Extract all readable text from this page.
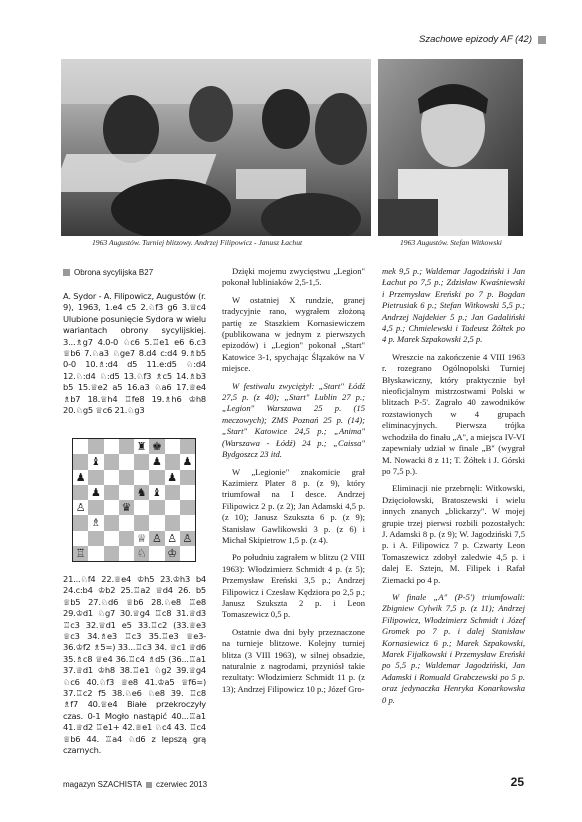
Szachowe epizody AF (42)
1963 Augustów. Turniej blitzowy. Andrzej Filipowicz - Janusz Łachut	1963 Augustów. Stefan Witkowski
Obrona sycylijska B27
A. Sydor - A. Filipowicz, Augustów (r. 9), 1963, 1.e4 c5 2.♘f3 g6 3.♕c4 Ulubione posunięcie Sydora w wielu wariantach obrony sycylijskiej. 3...♗g7 4.0-0 ♘c6 5.♖e1 e6 6.c3 ♕b6 7.♘a3 ♘ge7 8.d4 c:d4 9.♗b5 0-0 10.♗:d4 d5 11.e:d5 ♘:d4 12.♘:d4 ♘:d5 13.♘f3 ♗c5 14.♗b3 b5 15.♕e2 a5 16.a3 ♘a6 17.♕e4 ♗b7 18.♕h4 ♖fe8 19.♗h6 ♔h8 20.♘g5 ♕c6 21.♘g3
♜ ♚
♝	♟ ♟
♟	♟
♟	♞ ♝
♙	♛
♗
♕ ♙ ♙ ♙
♖	♘ ♔
21...♘f4 22.♕e4 ♔h5 23.♔h3 b4 24.c:b4 ♔b2 25.♖a2 ♕d4 26. b5 ♕b5 27.♘d6 ♕b6 28.♘e8 ♖e8 29.♔d1 ♘g7 30.♕g4 ♖c8 31.♕d3 ♖c3 32.♕d1 e5 33.♖c2 (33.♕e3 ♕c3 34.♗e3 ♖c3 35.♖e3 ♕e3- 36.♔f2 ♗5=) 33...♖c3 34. ♕c1 ♕d6 35.♗c8 ♕e4 36.♖c4 ♗d5 (36...♖a1 37.♕d1 ♔h8 38.♖e1 ♘g2 39.♕g4 ♘c6 40.♘f3 ♕e8 41.♔a5 ♕f6=) 37.♖c2 f5 38.♘e6 ♘e8 39. ♖c8 ♗f7 40.♕e4 Białe przekroczyły czas. 0-1 Mogło nastąpić 40...♖a1 41.♕d2 ♖e1+ 42.♕e1 ♘c4 43. ♖c4 ♕b6 44. ♖a4 ♘d6 z lepszą grą czarnych.

Dzięki mojemu zwycięstwu „Legion" pokonał lubliniaków 2,5-1,5.

W ostatniej X rundzie, granej tradycyjnie rano, wygrałem złożoną partię ze Staszkiem Kornasiewiczem (publikowana w jednym z pierwszych epizodów) i „Legion" pokonał „Start" Katowice 3-1, spychając Ślązaków na V miejsce.

W festiwalu zwyciężył: „Start" Łódź 27,5 p. (z 40); „Start" Lublin 27 p.; „Legion" Warszawa 25 p. (15 meczowych); ZMS Poznań 25 p. (14); „Start" Katowice 24,5 p.; „Anima" (Warszawa - Łódź) 24 p.; „Caissa" Bydgoszcz 23 itd.

W „Legionie" znakomicie grał Kazimierz Plater 8 p. (z 9), który triumfował na I desce. Andrzej Filipowicz 2 p. (z 2); Jan Adamski 4,5 p. (z 10); Janusz Szukszta 6 p. (z 9); Stanisław Gawlikowski 3 p. (z 6) i Michał Skipietrow 1,5 p. (z 4).

Po południu zagrałem w blitzu (2 VIII 1963): Włodzimierz Schmidt 4 p. (z 5); Przemysław Ereński 3,5 p.; Andrzej Filipowicz i Czesław Kędziora po 2,5 p.; Janusz Szukszta 2 p. i Leon Tomaszewicz 0,5 p.

Ostatnie dwa dni były przeznaczone na turnieje blitzowe. Kolejny turniej blitza (3 VIII 1963), w silnej obsadzie, naturalnie z nagrodami, przyniósł takie rezultaty: Włodzimierz Schmidt 11 p. (z 13); Andrzej Filipowicz 10 p.; Józef Gro-

mek 9,5 p.; Waldemar Jagodziński i Jan Łachut po 7,5 p.; Zdzisław Kwaśniewski i Przemysław Ereński po 7 p. Bogdan Pietrusiak 6 p.; Stefan Witkowski 5,5 p.; Andrzej Najdekier 5 p.; Jan Gadaliński 4,5 p.; Chmielewski i Tadeusz Żółtek po 4 p. Marek Szpakowski 2,5 p.

Wreszcie na zakończenie 4 VIII 1963 r. rozegrano Ogólnopolski Turniej Błyskawiczny, który praktycznie był nieoficjalnym mistrzostwami Polski w blitzach P-5'. Zagrało 40 zawodników rozstawionych w 4 grupach eliminacyjnych. Pierwsza trójka wchodziła do finału „A", a miejsca IV-VI zapewniały udział w finale „B" (wygrał M. Nowacki 8 z 11; T. Żółtek i J. Górski po 7,5 p.).

Eliminacji nie przebrnęli: Witkowski, Dzięciołowski, Bratoszewski i wielu innych znanych „blickarzy". W mojej grupie trzej pierwsi rozbili pozostałych: J. Adamski 8 p. (z 9); W. Jagodziński 7,5 p. i A. Filipowicz 7 p. Czwarty Leon Tomaszewicz zdobył zaledwie 4,5 p. i dalej E. Sztejn, M. Filipek i Rafał Ziemacki po 4 p.

W finale „A" (P-5') triumfowali: Zbigniew Cylwik 7,5 p. (z 11); Andrzej Filipowicz, Włodzimierz Schmidt i Józef Gromek po 7 p. i dalej Stanisław Kornasiewicz 6 p.; Marek Szpakowski, Marek Fijałkowski i Przemysław Ereński po 5,5 p.; Waldemar Jagodziński, Jan Adamski i Romuald Grabczewski po 5 p. oraz jedynaczka Henryka Konarkowska 0 p.

magazyn SZACHISTA czerwiec 2013	25
